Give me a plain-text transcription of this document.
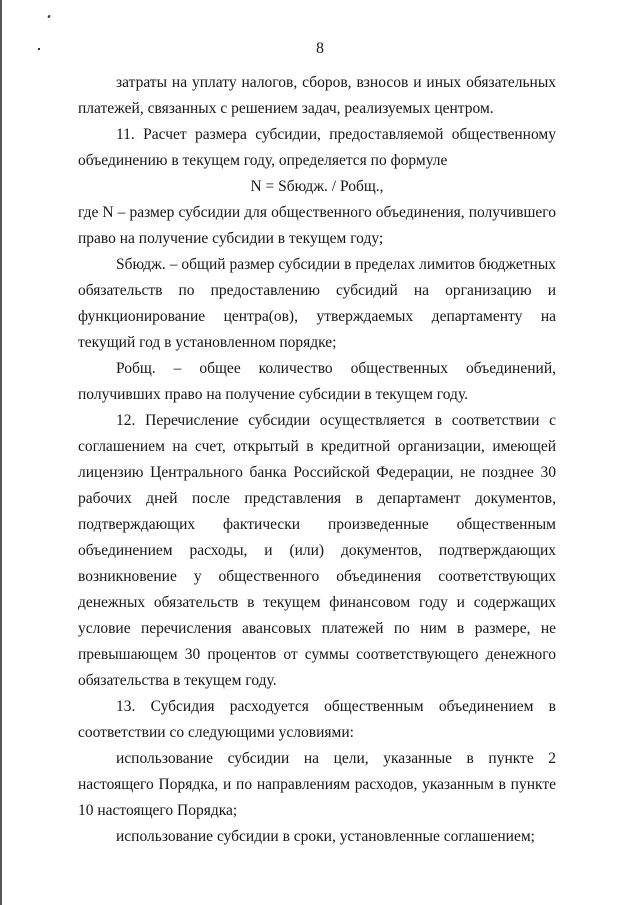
8

затраты на уплату налогов, сборов, взносов и иных обязательных платежей, связанных с решением задач, реализуемых центром.

11. Расчет размера субсидии, предоставляемой общественному объединению в текущем году, определяется по формуле

N = Sбюдж. / Робщ.,

где N – размер субсидии для общественного объединения, получившего право на получение субсидии в текущем году;

Sбюдж. – общий размер субсидии в пределах лимитов бюджетных обязательств по предоставлению субсидий на организацию и функционирование центра(ов), утверждаемых департаменту на текущий год в установленном порядке;

Робщ. – общее количество общественных объединений, получивших право на получение субсидии в текущем году.

12. Перечисление субсидии осуществляется в соответствии с соглашением на счет, открытый в кредитной организации, имеющей лицензию Центрального банка Российской Федерации, не позднее 30 рабочих дней после представления в департамент документов, подтверждающих фактически произведенные общественным объединением расходы, и (или) документов, подтверждающих возникновение у общественного объединения соответствующих денежных обязательств в текущем финансовом году и содержащих условие перечисления авансовых платежей по ним в размере, не превышающем 30 процентов от суммы соответствующего денежного обязательства в текущем году.

13. Субсидия расходуется общественным объединением в соответствии со следующими условиями:

использование субсидии на цели, указанные в пункте 2 настоящего Порядка, и по направлениям расходов, указанным в пункте 10 настоящего Порядка;

использование субсидии в сроки, установленные соглашением;
